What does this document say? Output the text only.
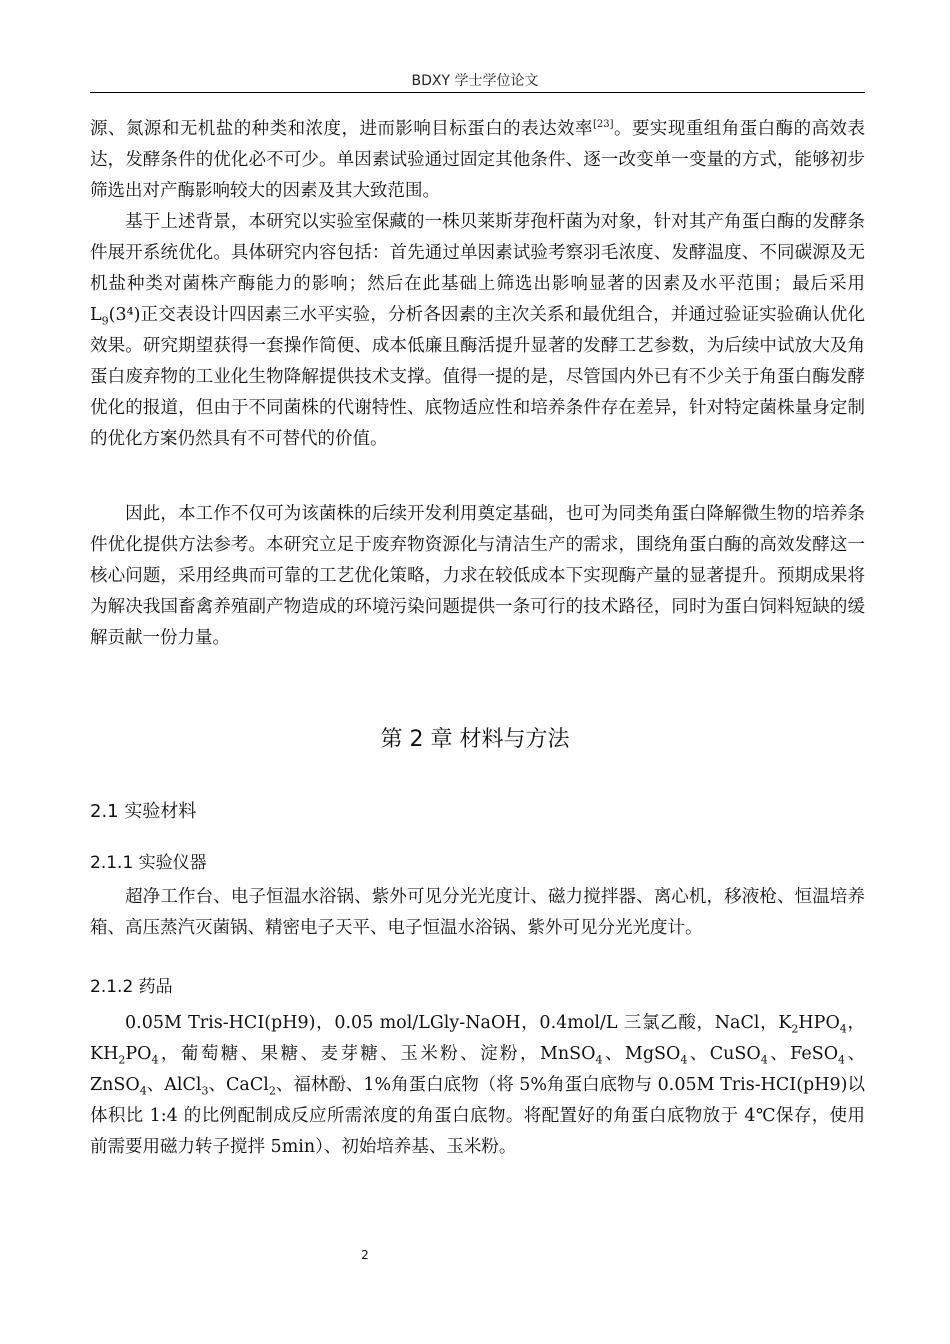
BDXY 学士学位论文

源、氮源和无机盐的种类和浓度，进而影响目标蛋白的表达效率[23]。要实现重组角蛋白酶的高效表达，发酵条件的优化必不可少。单因素试验通过固定其他条件、逐一改变单一变量的方式，能够初步筛选出对产酶影响较大的因素及其大致范围。

基于上述背景，本研究以实验室保藏的一株贝莱斯芽孢杆菌为对象，针对其产角蛋白酶的发酵条件展开系统优化。具体研究内容包括：首先通过单因素试验考察羽毛浓度、发酵温度、不同碳源及无机盐种类对菌株产酶能力的影响；然后在此基础上筛选出影响显著的因素及水平范围；最后采用 $L_9(3^4)$正交表设计四因素三水平实验，分析各因素的主次关系和最优组合，并通过验证实验确认优化效果。研究期望获得一套操作简便、成本低廉且酶活提升显著的发酵工艺参数，为后续中试放大及角蛋白废弃物的工业化生物降解提供技术支撑。值得一提的是，尽管国内外已有不少关于角蛋白酶发酵优化的报道，但由于不同菌株的代谢特性、底物适应性和培养条件存在差异，针对特定菌株量身定制的优化方案仍然具有不可替代的价值。

因此，本工作不仅可为该菌株的后续开发利用奠定基础，也可为同类角蛋白降解微生物的培养条件优化提供方法参考。本研究立足于废弃物资源化与清洁生产的需求，围绕角蛋白酶的高效发酵这一核心问题，采用经典而可靠的工艺优化策略，力求在较低成本下实现酶产量的显著提升。预期成果将为解决我国畜禽养殖副产物造成的环境污染问题提供一条可行的技术路径，同时为蛋白饲料短缺的缓解贡献一份力量。

第 2 章 材料与方法
2.1 实验材料
2.1.1 实验仪器

超净工作台、电子恒温水浴锅、紫外可见分光光度计、磁力搅拌器、离心机，移液枪、恒温培养箱、高压蒸汽灭菌锅、精密电子天平、电子恒温水浴锅、紫外可见分光光度计。

2.1.2 药品

0.05M Tris-HCI(pH9)，0.05 mol/LGly-NaOH，0.4mol/L 三氯乙酸，NaCl，$K_2HPO_4$，$KH_2PO_4$，葡萄糖、果糖、麦芽糖、玉米粉、淀粉，MnSO$_4$、MgSO$_4$、CuSO$_4$、FeSO$_4$、ZnSO$_4$、AlCl$_3$、CaCl$_2$、福林酚、1%角蛋白底物（将 5%角蛋白底物与 0.05M Tris-HCI(pH9)以体积比 1:4 的比例配制成反应所需浓度的角蛋白底物。将配置好的角蛋白底物放于 4℃保存，使用前需要用磁力转子搅拌 5min）、初始培养基、玉米粉。

2
